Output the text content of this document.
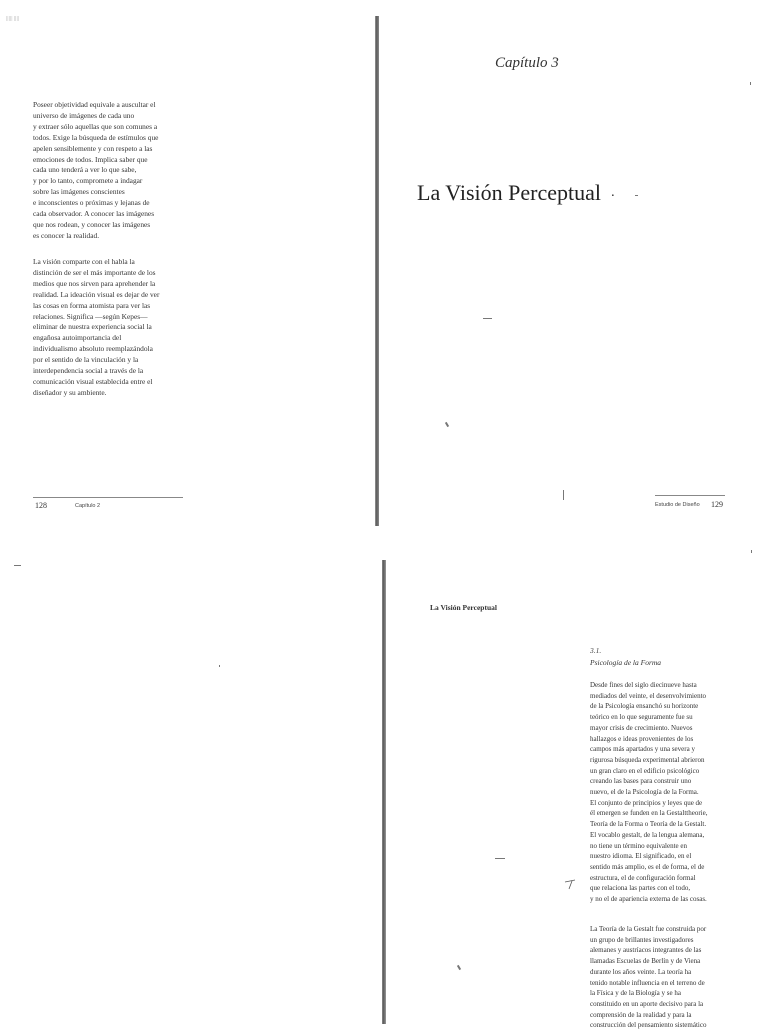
||||| ||||
Poseer objetividad equivale a auscultar el
universo de imágenes de cada uno
y extraer sólo aquellas que son comunes a
todos. Exige la búsqueda de estímulos que
apelen sensiblemente y con respeto a las
emociones de todos. Implica saber que
cada uno tenderá a ver lo que sabe,
y por lo tanto, compromete a indagar
sobre las imágenes conscientes
e inconscientes o próximas y lejanas de
cada observador. A conocer las imágenes
que nos rodean, y conocer las imágenes
es conocer la realidad.
La visión comparte con el habla la
distinción de ser el más importante de los
medios que nos sirven para aprehender la
realidad. La ideación visual es dejar de ver
las cosas en forma atomista para ver las
relaciones. Significa —según Kepes—
eliminar de nuestra experiencia social la
engañosa autoimportancia del
individualismo absoluto reemplazándola
por el sentido de la vinculación y la
interdependencia social a través de la
comunicación visual establecida entre el
diseñador y su ambiente.
128	Capítulo 2
Capítulo 3
La Visión Perceptual ·
Estudio de Diseño 129
La Visión Perceptual
3.1.
Psicología de la Forma
Desde fines del siglo diecinueve hasta
mediados del veinte, el desenvolvimiento
de la Psicología ensanchó su horizonte
teórico en lo que seguramente fue su
mayor crisis de crecimiento. Nuevos
hallazgos e ideas provenientes de los
campos más apartados y una severa y
rigurosa búsqueda experimental abrieron
un gran claro en el edificio psicológico
creando las bases para construir uno
nuevo, el de la Psicología de la Forma.
El conjunto de principios y leyes que de
él emergen se funden en la Gestalttheorie,
Teoría de la Forma o Teoría de la Gestalt.
El vocablo gestalt, de la lengua alemana,
no tiene un término equivalente en
nuestro idioma. El significado, en el
sentido más amplio, es el de forma, el de
estructura, el de configuración formal
que relaciona las partes con el todo,
y no el de apariencia externa de las cosas.
La Teoría de la Gestalt fue construida por
un grupo de brillantes investigadores
alemanes y austríacos integrantes de las
llamadas Escuelas de Berlín y de Viena
durante los años veinte. La teoría ha
tenido notable influencia en el terreno de
la Física y de la Biología y se ha
constituido en un aporte decisivo para la
comprensión de la realidad y para la
construcción del pensamiento sistemático
